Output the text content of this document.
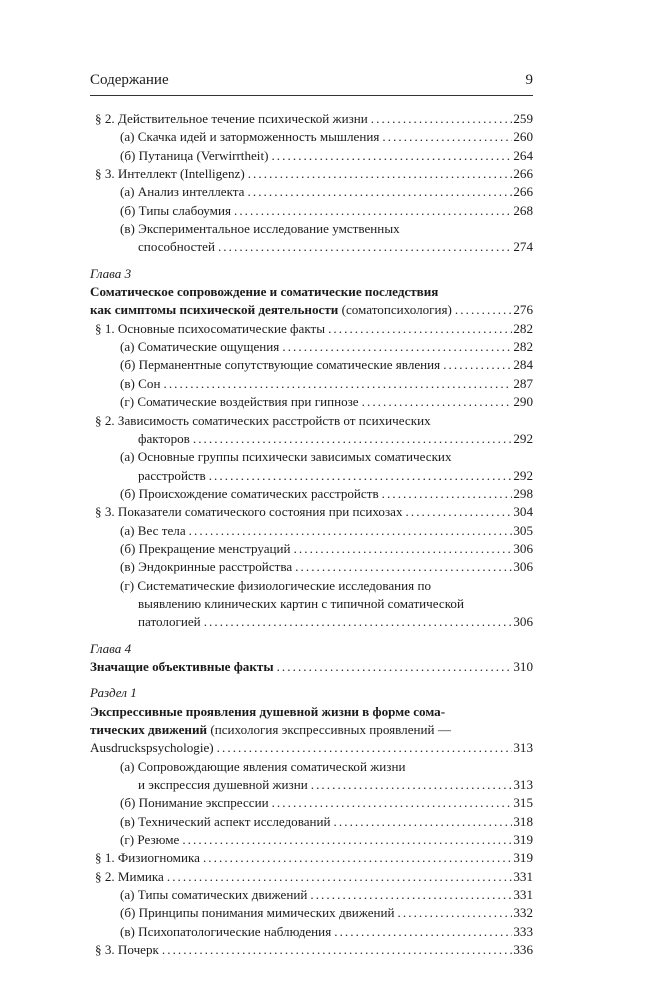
Содержание	9
§ 2. Действительное течение психической жизни . . .	259
(а) Скачка идей и заторможенность мышления . . .	260
(б) Путаница (Verwirrtheit) . . .	264
§ 3. Интеллект (Intelligenz) . . .	266
(а) Анализ интеллекта . . .	266
(б) Типы слабоумия . . .	268
(в) Экспериментальное исследование умственных
способностей . . .	274
Глава 3
Соматическое сопровождение и соматические последствия
как симптомы психической деятельности (соматопсихология) . . .	276
§ 1. Основные психосоматические факты . . .	282
(а) Соматические ощущения . . .	282
(б) Перманентные сопутствующие соматические явления . . .	284
(в) Сон . . .	287
(г) Соматические воздействия при гипнозе . . .	290
§ 2. Зависимость соматических расстройств от психических
факторов . . .	292
(а) Основные группы психически зависимых соматических
расстройств . . .	292
(б) Происхождение соматических расстройств . . .	298
§ 3. Показатели соматического состояния при психозах . . .	304
(а) Вес тела . . .	305
(б) Прекращение менструаций . . .	306
(в) Эндокринные расстройства . . .	306
(г) Систематические физиологические исследования по
выявлению клинических картин с типичной соматической
патологией . . .	306
Глава 4
Значащие объективные факты . . .	310
Раздел 1
Экспрессивные проявления душевной жизни в форме сома-
тических движений (психология экспрессивных проявлений —
Ausdruckspsychologie) . . .	313
(а) Сопровождающие явления соматической жизни
и экспрессия душевной жизни . . .	313
(б) Понимание экспрессии . . .	315
(в) Технический аспект исследований . . .	318
(г) Резюме . . .	319
§ 1. Физиогномика . . .	319
§ 2. Мимика . . .	331
(а) Типы соматических движений . . .	331
(б) Принципы понимания мимических движений . . .	332
(в) Психопатологические наблюдения . . .	333
§ 3. Почерк . . .	336
